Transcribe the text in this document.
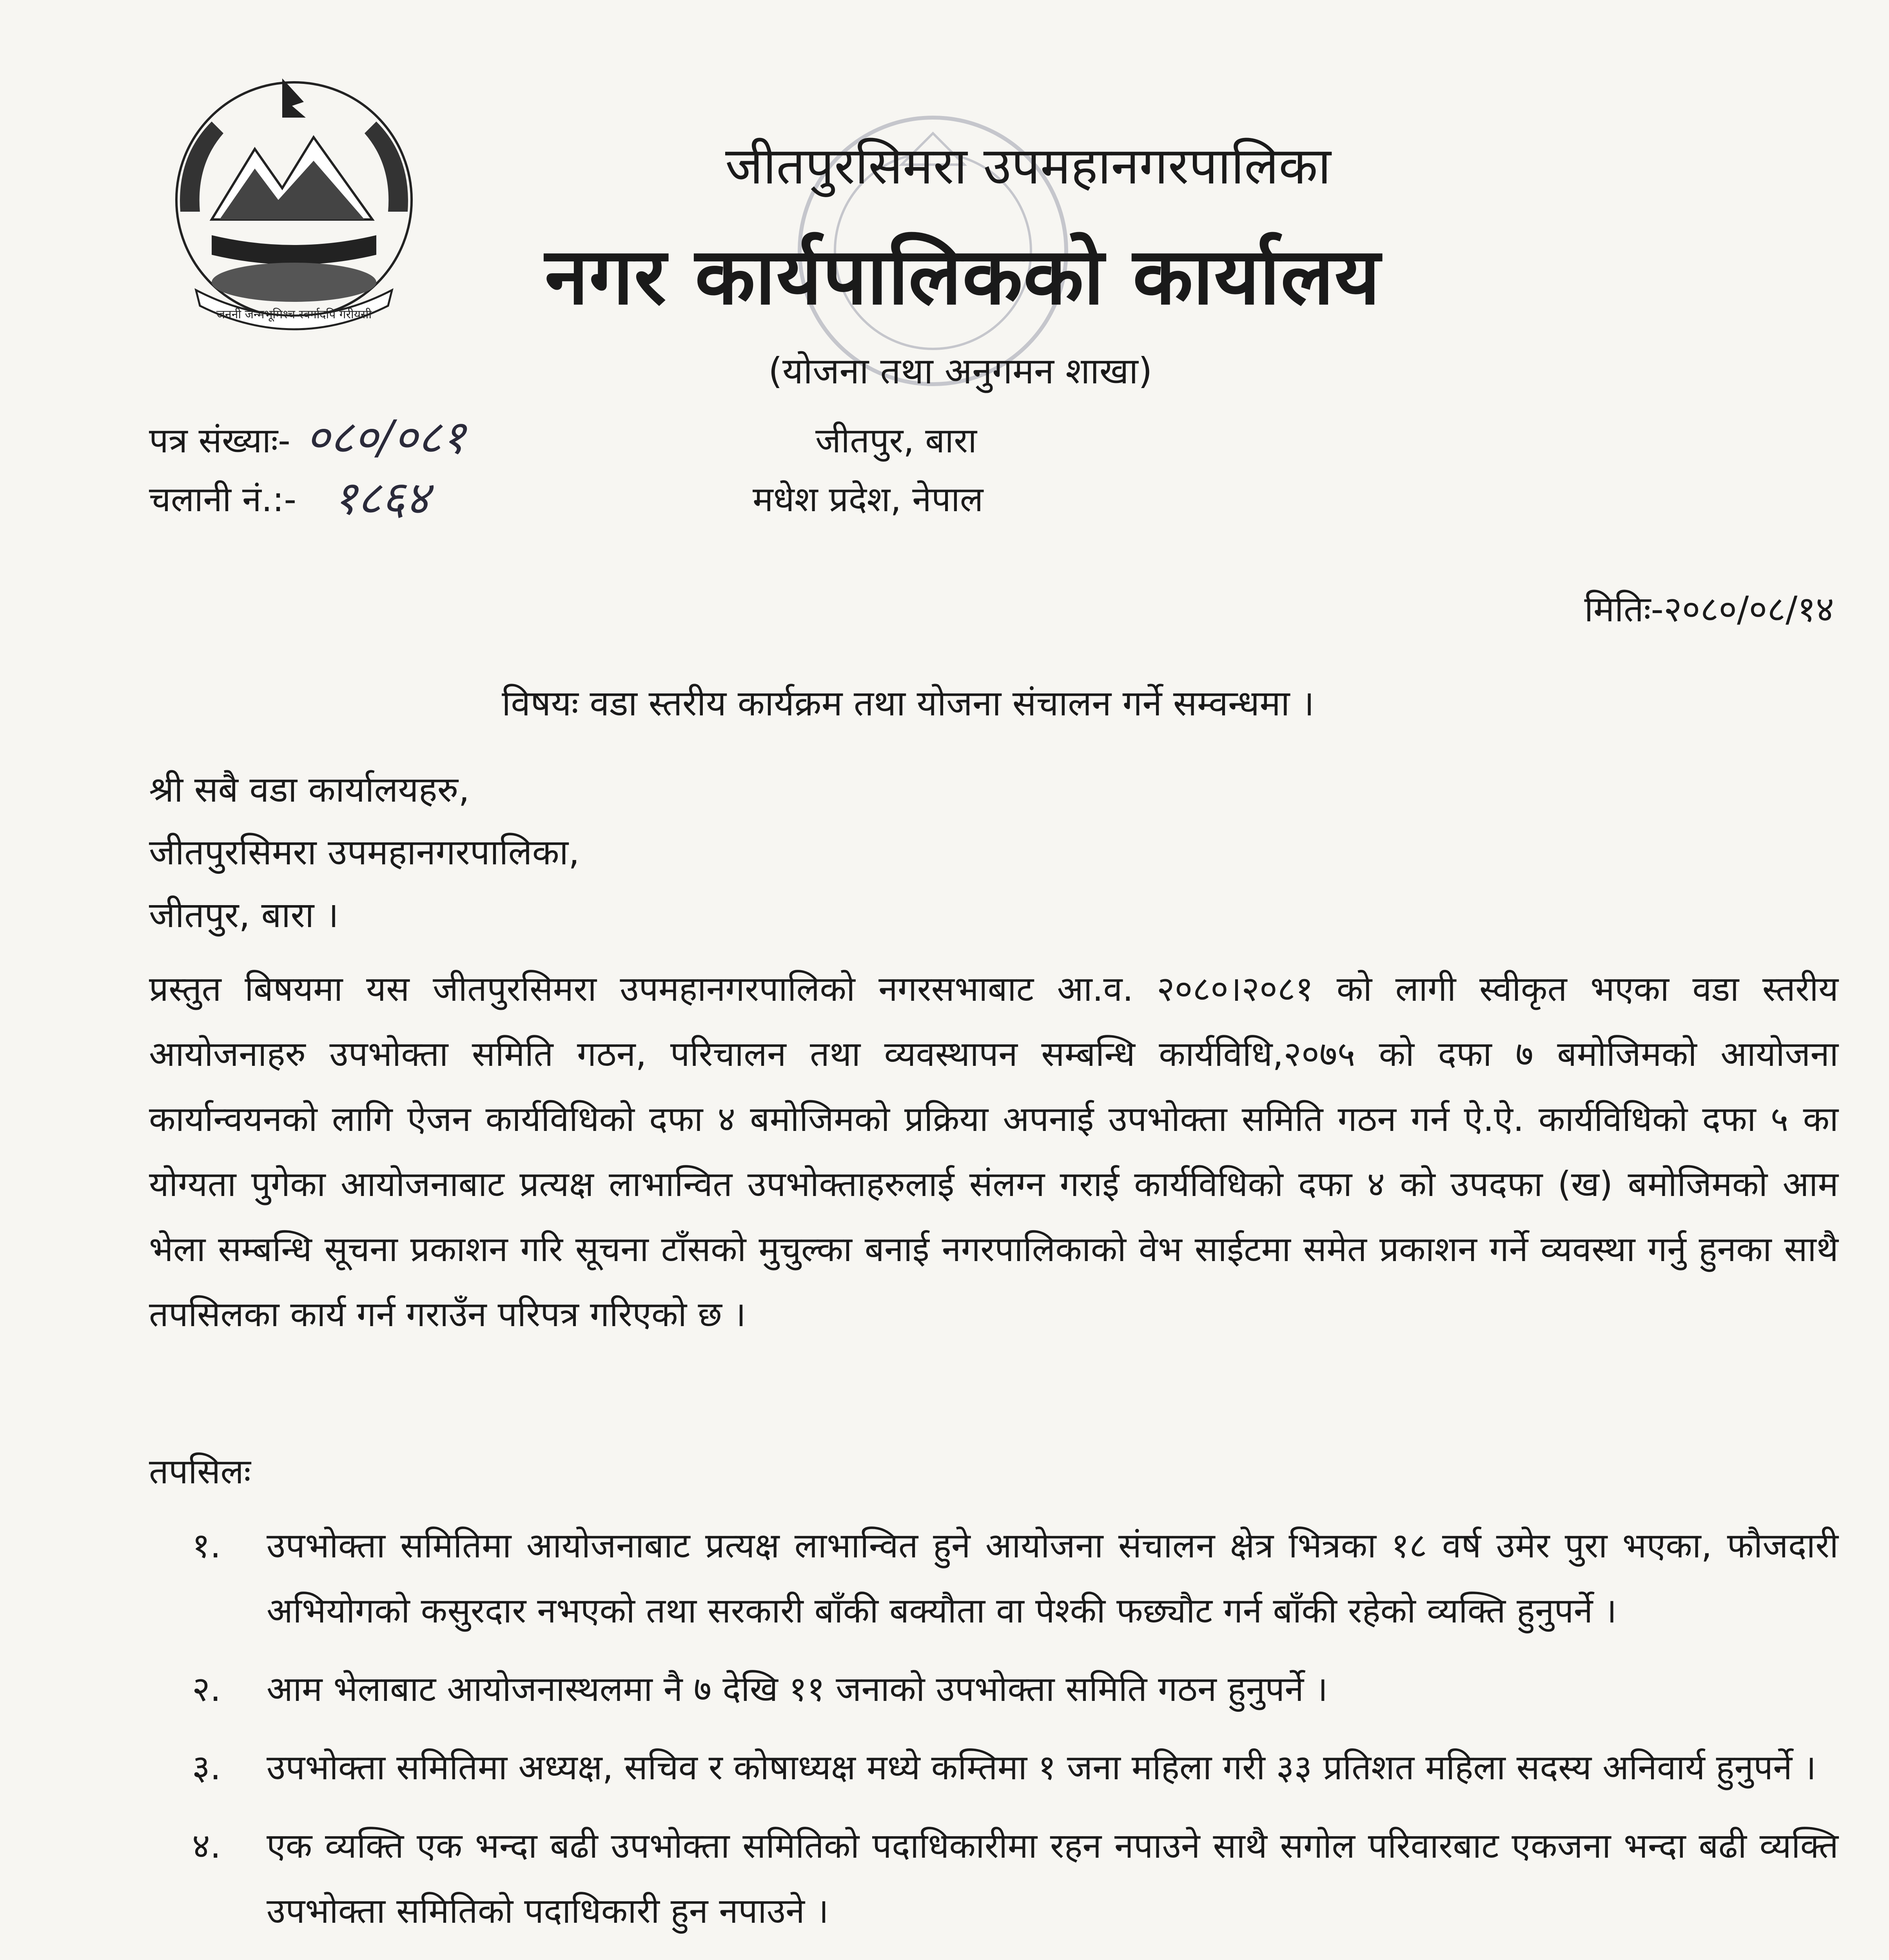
जननी जन्मभूमिश्च स्वर्गादपि गरीयसी
जीतपुरसिमरा उपमहानगरपालिका
नगर कार्यपालिकको कार्यालय
(योजना तथा अनुगमन शाखा)
जीतपुर, बारा
मधेश प्रदेश, नेपाल
पत्र संख्याः- ०८०/०८१
चलानी नं.:- १८६४
मितिः-२०८०/०८/१४
विषयः वडा स्तरीय कार्यक्रम तथा योजना संचालन गर्ने सम्वन्धमा ।
श्री सबै वडा कार्यालयहरु,
जीतपुरसिमरा उपमहानगरपालिका,
जीतपुर, बारा ।
प्रस्तुत बिषयमा यस जीतपुरसिमरा उपमहानगरपालिको नगरसभाबाट आ.व. २०८०।२०८१ को लागी स्वीकृत भएका वडा स्तरीय आयोजनाहरु उपभोक्ता समिति गठन, परिचालन तथा व्यवस्थापन सम्बन्धि कार्यविधि,२०७५ को दफा ७ बमोजिमको आयोजना कार्यान्वयनको लागि ऐजन कार्यविधिको दफा ४ बमोजिमको प्रक्रिया अपनाई उपभोक्ता समिति गठन गर्न ऐ.ऐ. कार्यविधिको दफा ५ का योग्यता पुगेका आयोजनाबाट प्रत्यक्ष लाभान्वित उपभोक्ताहरुलाई संलग्न गराई कार्यविधिको दफा ४ को उपदफा (ख) बमोजिमको आम भेला सम्बन्धि सूचना प्रकाशन गरि सूचना टाँसको मुचुल्का बनाई नगरपालिकाको वेभ साईटमा समेत प्रकाशन गर्ने व्यवस्था गर्नु हुनका साथै तपसिलका कार्य गर्न गराउँन परिपत्र गरिएको छ ।
तपसिलः
१.	उपभोक्ता समितिमा आयोजनाबाट प्रत्यक्ष लाभान्वित हुने आयोजना संचालन क्षेत्र भित्रका १८ वर्ष उमेर पुरा भएका, फौजदारी अभियोगको कसुरदार नभएको तथा सरकारी बाँकी बक्यौता वा पेश्की फछ्यौट गर्न बाँकी रहेको व्यक्ति हुनुपर्ने ।
२.	आम भेलाबाट आयोजनास्थलमा नै ७ देखि ११ जनाको उपभोक्ता समिति गठन हुनुपर्ने ।
३.	उपभोक्ता समितिमा अध्यक्ष, सचिव र कोषाध्यक्ष मध्ये कम्तिमा १ जना महिला गरी ३३ प्रतिशत महिला सदस्य अनिवार्य हुनुपर्ने ।
४.	एक व्यक्ति एक भन्दा बढी उपभोक्ता समितिको पदाधिकारीमा रहन नपाउने साथै सगोल परिवारबाट एकजना भन्दा बढी व्यक्ति उपभोक्ता समितिको पदाधिकारी हुन नपाउने ।
